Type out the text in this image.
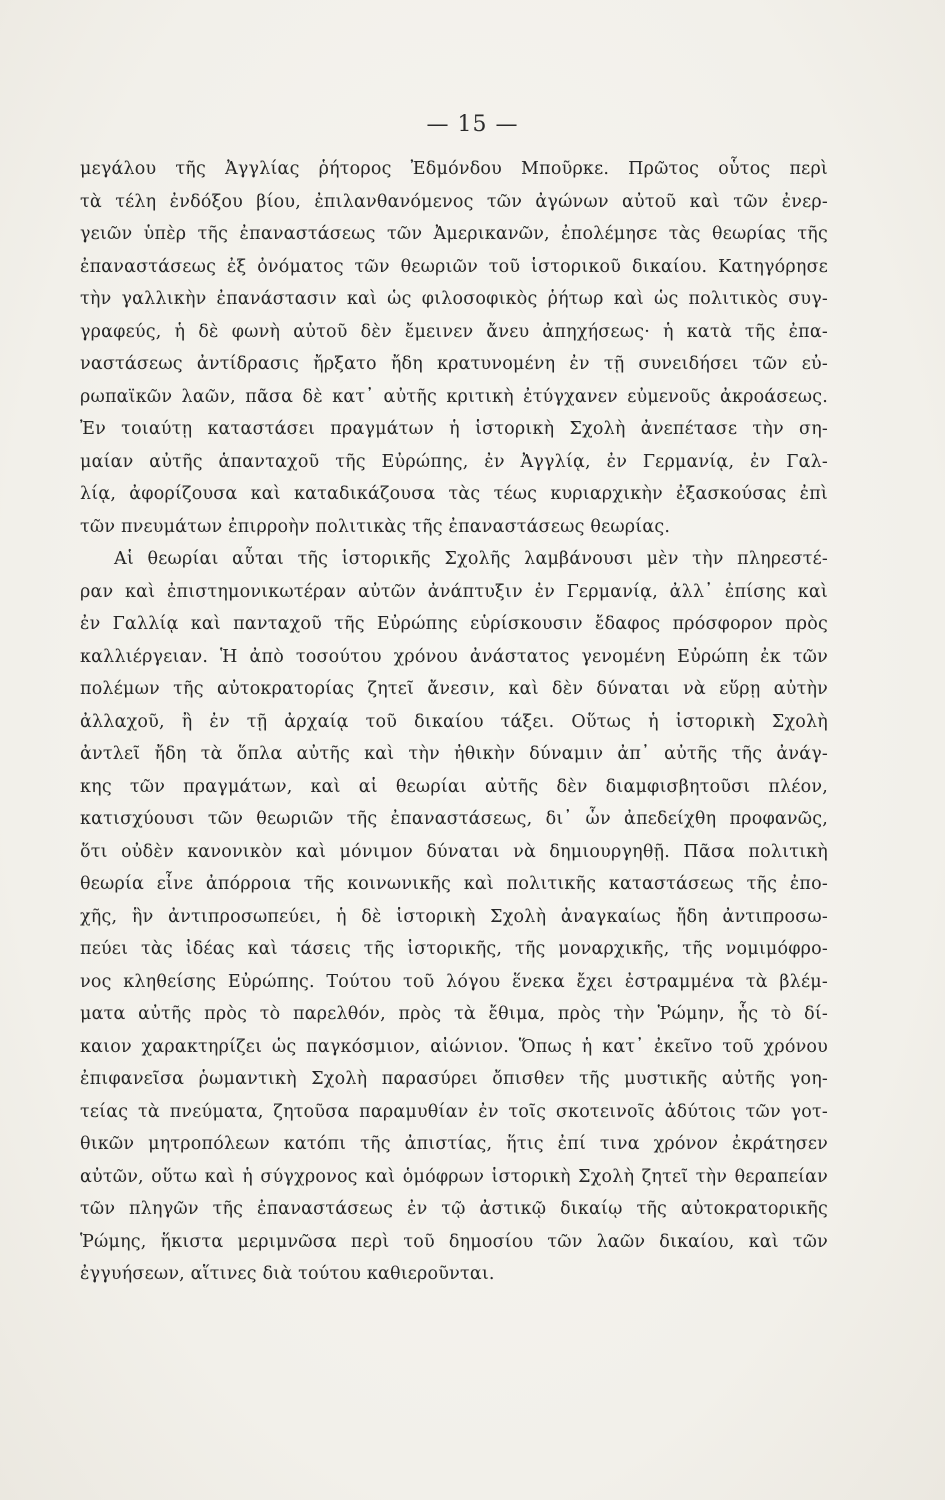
— 15 —
μεγάλου τῆς Ἀγγλίας ῥήτορος Ἐδμόνδου Μποῦρκε. Πρῶτος οὗτος περὶ
τὰ τέλη ἐνδόξου βίου, ἐπιλανθανόμενος τῶν ἀγώνων αὐτοῦ καὶ τῶν ἐνερ-
γειῶν ὑπὲρ τῆς ἐπαναστάσεως τῶν Ἀμερικανῶν, ἐπολέμησε τὰς θεωρίας τῆς
ἐπαναστάσεως ἐξ ὀνόματος τῶν θεωριῶν τοῦ ἱστορικοῦ δικαίου. Κατηγόρησε
τὴν γαλλικὴν ἐπανάστασιν καὶ ὡς φιλοσοφικὸς ῥήτωρ καὶ ὡς πολιτικὸς συγ-
γραφεύς, ἡ δὲ φωνὴ αὐτοῦ δὲν ἔμεινεν ἄνευ ἀπηχήσεως· ἡ κατὰ τῆς ἐπα-
ναστάσεως ἀντίδρασις ἤρξατο ἤδη κρατυνομένη ἐν τῇ συνειδήσει τῶν εὐ-
ρωπαϊκῶν λαῶν, πᾶσα δὲ κατ᾽ αὐτῆς κριτικὴ ἐτύγχανεν εὐμενοῦς ἀκροάσεως.
Ἐν τοιαύτῃ καταστάσει πραγμάτων ἡ ἱστορικὴ Σχολὴ ἀνεπέτασε τὴν ση-
μαίαν αὐτῆς ἁπανταχοῦ τῆς Εὐρώπης, ἐν Ἀγγλίᾳ, ἐν Γερμανίᾳ, ἐν Γαλ-
λίᾳ, ἀφορίζουσα καὶ καταδικάζουσα τὰς τέως κυριαρχικὴν ἐξασκούσας ἐπὶ
τῶν πνευμάτων ἐπιρροὴν πολιτικὰς τῆς ἐπαναστάσεως θεωρίας.
Αἱ θεωρίαι αὗται τῆς ἱστορικῆς Σχολῆς λαμβάνουσι μὲν τὴν πληρεστέ-
ραν καὶ ἐπιστημονικωτέραν αὐτῶν ἀνάπτυξιν ἐν Γερμανίᾳ, ἀλλ᾽ ἐπίσης καὶ
ἐν Γαλλίᾳ καὶ πανταχοῦ τῆς Εὐρώπης εὑρίσκουσιν ἔδαφος πρόσφορον πρὸς
καλλιέργειαν. Ἡ ἀπὸ τοσούτου χρόνου ἀνάστατος γενομένη Εὐρώπη ἐκ τῶν
πολέμων τῆς αὐτοκρατορίας ζητεῖ ἄνεσιν, καὶ δὲν δύναται νὰ εὕρῃ αὐτὴν
ἀλλαχοῦ, ἢ ἐν τῇ ἀρχαίᾳ τοῦ δικαίου τάξει. Οὕτως ἡ ἱστορικὴ Σχολὴ
ἀντλεῖ ἤδη τὰ ὅπλα αὐτῆς καὶ τὴν ἠθικὴν δύναμιν ἀπ᾽ αὐτῆς τῆς ἀνάγ-
κης τῶν πραγμάτων, καὶ αἱ θεωρίαι αὐτῆς δὲν διαμφισβητοῦσι πλέον,
κατισχύουσι τῶν θεωριῶν τῆς ἐπαναστάσεως, δι᾽ ὧν ἀπεδείχθη προφανῶς,
ὅτι οὐδὲν κανονικὸν καὶ μόνιμον δύναται νὰ δημιουργηθῇ. Πᾶσα πολιτικὴ
θεωρία εἶνε ἀπόρροια τῆς κοινωνικῆς καὶ πολιτικῆς καταστάσεως τῆς ἐπο-
χῆς, ἣν ἀντιπροσωπεύει, ἡ δὲ ἱστορικὴ Σχολὴ ἀναγκαίως ἤδη ἀντιπροσω-
πεύει τὰς ἰδέας καὶ τάσεις τῆς ἱστορικῆς, τῆς μοναρχικῆς, τῆς νομιμόφρο-
νος κληθείσης Εὐρώπης. Τούτου τοῦ λόγου ἕνεκα ἔχει ἐστραμμένα τὰ βλέμ-
ματα αὐτῆς πρὸς τὸ παρελθόν, πρὸς τὰ ἔθιμα, πρὸς τὴν Ῥώμην, ἧς τὸ δί-
καιον χαρακτηρίζει ὡς παγκόσμιον, αἰώνιον. Ὅπως ἡ κατ᾽ ἐκεῖνο τοῦ χρόνου
ἐπιφανεῖσα ῥωμαντικὴ Σχολὴ παρασύρει ὄπισθεν τῆς μυστικῆς αὐτῆς γοη-
τείας τὰ πνεύματα, ζητοῦσα παραμυθίαν ἐν τοῖς σκοτεινοῖς ἀδύτοις τῶν γοτ-
θικῶν μητροπόλεων κατόπι τῆς ἀπιστίας, ἥτις ἐπί τινα χρόνον ἐκράτησεν
αὐτῶν, οὕτω καὶ ἡ σύγχρονος καὶ ὁμόφρων ἱστορικὴ Σχολὴ ζητεῖ τὴν θεραπείαν
τῶν πληγῶν τῆς ἐπαναστάσεως ἐν τῷ ἀστικῷ δικαίῳ τῆς αὐτοκρατορικῆς
Ῥώμης, ἥκιστα μεριμνῶσα περὶ τοῦ δημοσίου τῶν λαῶν δικαίου, καὶ τῶν
ἐγγυήσεων, αἵτινες διὰ τούτου καθιεροῦνται.
